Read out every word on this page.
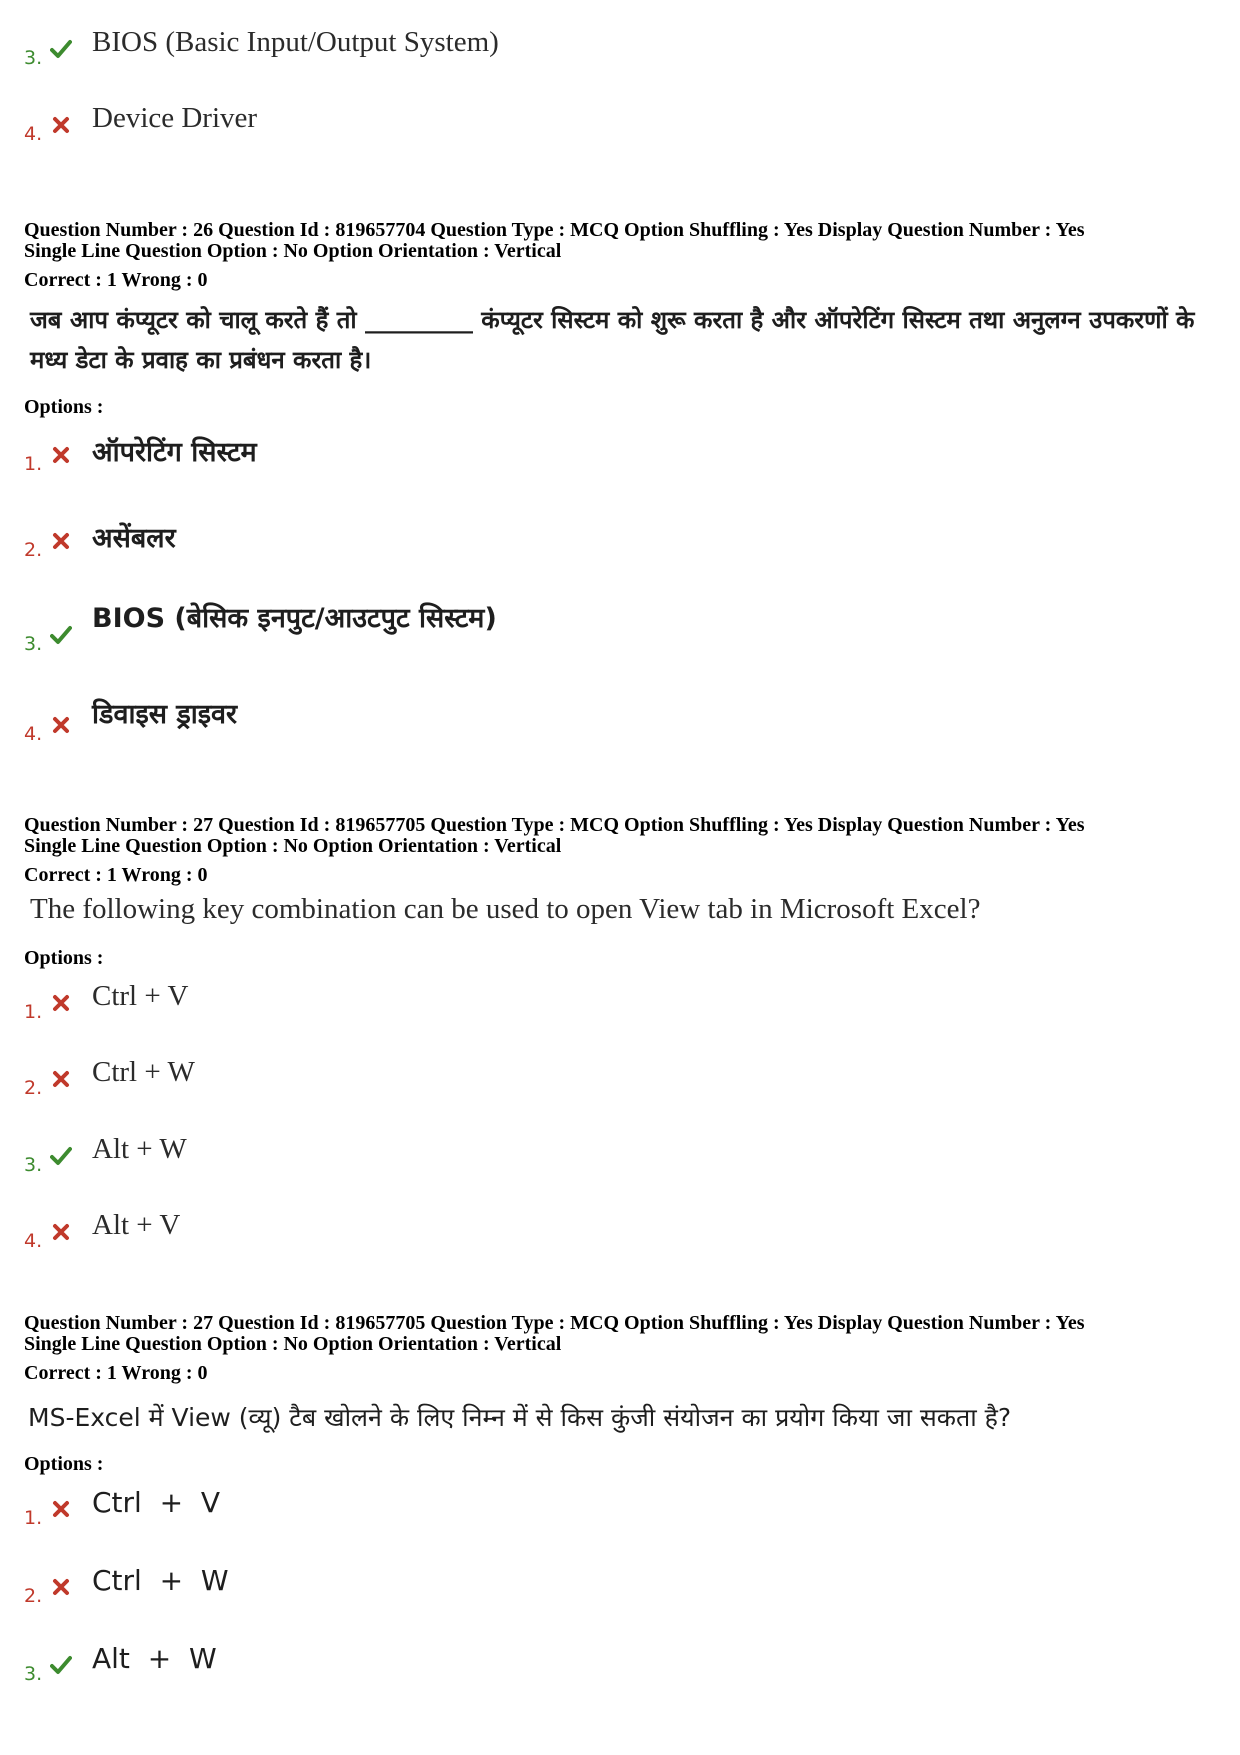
3. BIOS (Basic Input/Output System)
4. Device Driver
Question Number : 26 Question Id : 819657704 Question Type : MCQ Option Shuffling : Yes Display Question Number : Yes
Single Line Question Option : No Option Orientation : Vertical
Correct : 1 Wrong : 0
जब आप कंप्यूटर को चालू करते हैं तो _________ कंप्यूटर सिस्टम को शुरू करता है और ऑपरेटिंग सिस्टम तथा अनुलग्न उपकरणों के मध्य डेटा के प्रवाह का प्रबंधन करता है।
Options :
1. ऑपरेटिंग सिस्टम
2. असेंबलर
3.
BIOS (बेसिक इनपुट/आउटपुट सिस्टम)
4.
डिवाइस ड्राइवर
Question Number : 27 Question Id : 819657705 Question Type : MCQ Option Shuffling : Yes Display Question Number : Yes
Single Line Question Option : No Option Orientation : Vertical
Correct : 1 Wrong : 0
The following key combination can be used to open View tab in Microsoft Excel?
Options :
1. Ctrl + V
2. Ctrl + W
3. Alt + W
4. Alt + V
Question Number : 27 Question Id : 819657705 Question Type : MCQ Option Shuffling : Yes Display Question Number : Yes
Single Line Question Option : No Option Orientation : Vertical
Correct : 1 Wrong : 0
MS-Excel में View (व्यू) टैब खोलने के लिए निम्न में से किस कुंजी संयोजन का प्रयोग किया जा सकता है?
Options :
1. Ctrl  +  V
2. Ctrl  +  W
3. Alt  +  W
